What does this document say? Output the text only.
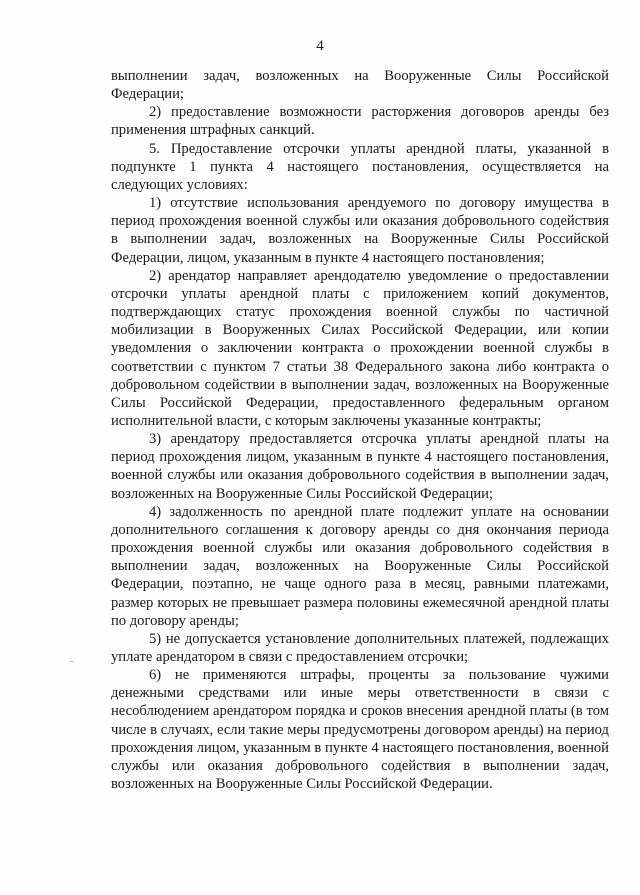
4

выполнении задач, возложенных на Вооруженные Силы Российской Федерации;

2) предоставление возможности расторжения договоров аренды без применения штрафных санкций.

5. Предоставление отсрочки уплаты арендной платы, указанной в подпункте 1 пункта 4 настоящего постановления, осуществляется на следующих условиях:

1) отсутствие использования арендуемого по договору имущества в период прохождения военной службы или оказания добровольного содействия в выполнении задач, возложенных на Вооруженные Силы Российской Федерации, лицом, указанным в пункте 4 настоящего постановления;

2) арендатор направляет арендодателю уведомление о предоставлении отсрочки уплаты арендной платы с приложением копий документов, подтверждающих статус прохождения военной службы по частичной мобилизации в Вооруженных Силах Российской Федерации, или копии уведомления о заключении контракта о прохождении военной службы в соответствии с пунктом 7 статьи 38 Федерального закона либо контракта о добровольном содействии в выполнении задач, возложенных на Вооруженные Силы Российской Федерации, предоставленного федеральным органом исполнительной власти, с которым заключены указанные контракты;

3) арендатору предоставляется отсрочка уплаты арендной платы на период прохождения лицом, указанным в пункте 4 настоящего постановления, военной службы или оказания добровольного содействия в выполнении задач, возложенных на Вооруженные Силы Российской Федерации;

4) задолженность по арендной плате подлежит уплате на основании дополнительного соглашения к договору аренды со дня окончания периода прохождения военной службы или оказания добровольного содействия в выполнении задач, возложенных на Вооруженные Силы Российской Федерации, поэтапно, не чаще одного раза в месяц, равными платежами, размер которых не превышает размера половины ежемесячной арендной платы по договору аренды;

5) не допускается установление дополнительных платежей, подлежащих уплате арендатором в связи с предоставлением отсрочки;

6) не применяются штрафы, проценты за пользование чужими денежными средствами или иные меры ответственности в связи с несоблюдением арендатором порядка и сроков внесения арендной платы (в том числе в случаях, если такие меры предусмотрены договором аренды) на период прохождения лицом, указанным в пункте 4 настоящего постановления, военной службы или оказания добровольного содействия в выполнении задач, возложенных на Вооруженные Силы Российской Федерации.
